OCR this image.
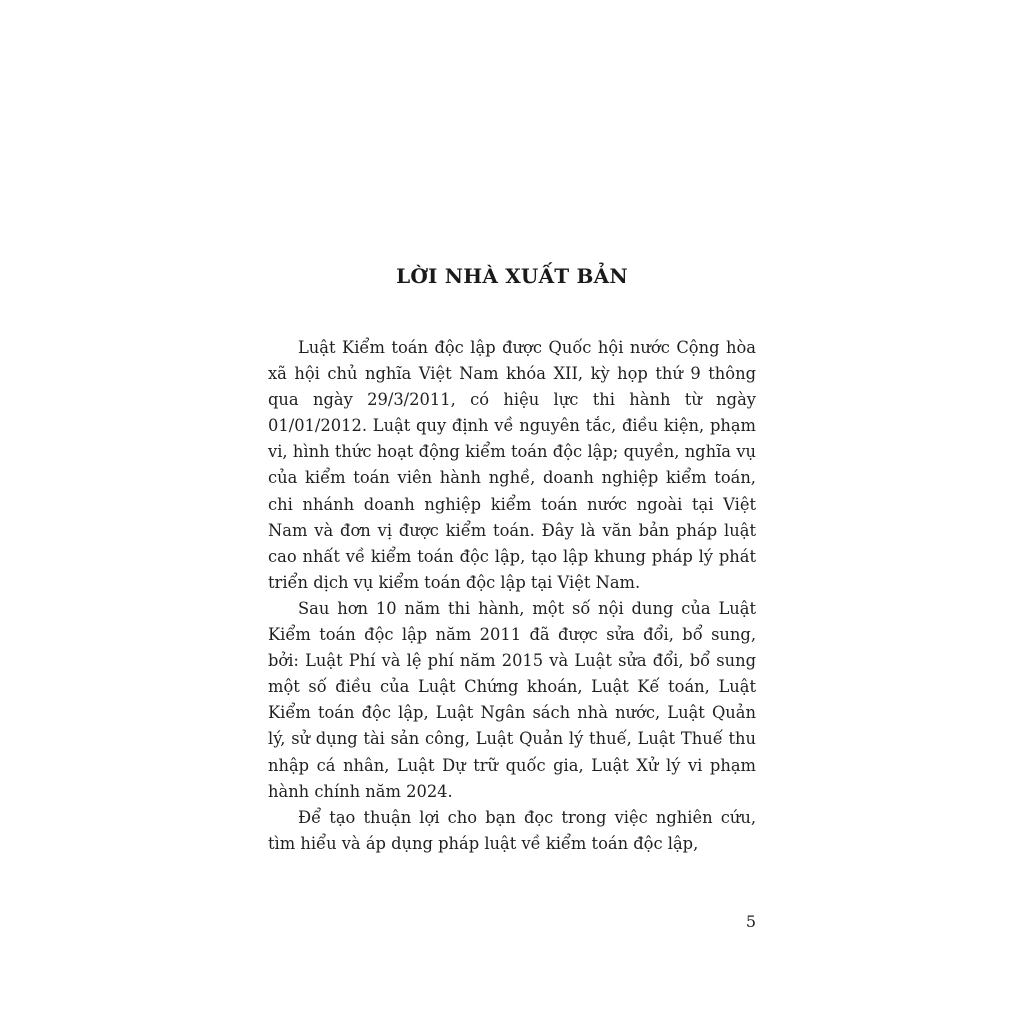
LỜI NHÀ XUẤT BẢN

Luật Kiểm toán độc lập được Quốc hội nước Cộng hòa xã hội chủ nghĩa Việt Nam khóa XII, kỳ họp thứ 9 thông qua ngày 29/3/2011, có hiệu lực thi hành từ ngày 01/01/2012. Luật quy định về nguyên tắc, điều kiện, phạm vi, hình thức hoạt động kiểm toán độc lập; quyền, nghĩa vụ của kiểm toán viên hành nghề, doanh nghiệp kiểm toán, chi nhánh doanh nghiệp kiểm toán nước ngoài tại Việt Nam và đơn vị được kiểm toán. Đây là văn bản pháp luật cao nhất về kiểm toán độc lập, tạo lập khung pháp lý phát triển dịch vụ kiểm toán độc lập tại Việt Nam.

Sau hơn 10 năm thi hành, một số nội dung của Luật Kiểm toán độc lập năm 2011 đã được sửa đổi, bổ sung, bởi: Luật Phí và lệ phí năm 2015 và Luật sửa đổi, bổ sung một số điều của Luật Chứng khoán, Luật Kế toán, Luật Kiểm toán độc lập, Luật Ngân sách nhà nước, Luật Quản lý, sử dụng tài sản công, Luật Quản lý thuế, Luật Thuế thu nhập cá nhân, Luật Dự trữ quốc gia, Luật Xử lý vi phạm hành chính năm 2024.

Để tạo thuận lợi cho bạn đọc trong việc nghiên cứu, tìm hiểu và áp dụng pháp luật về kiểm toán độc lập,

5
